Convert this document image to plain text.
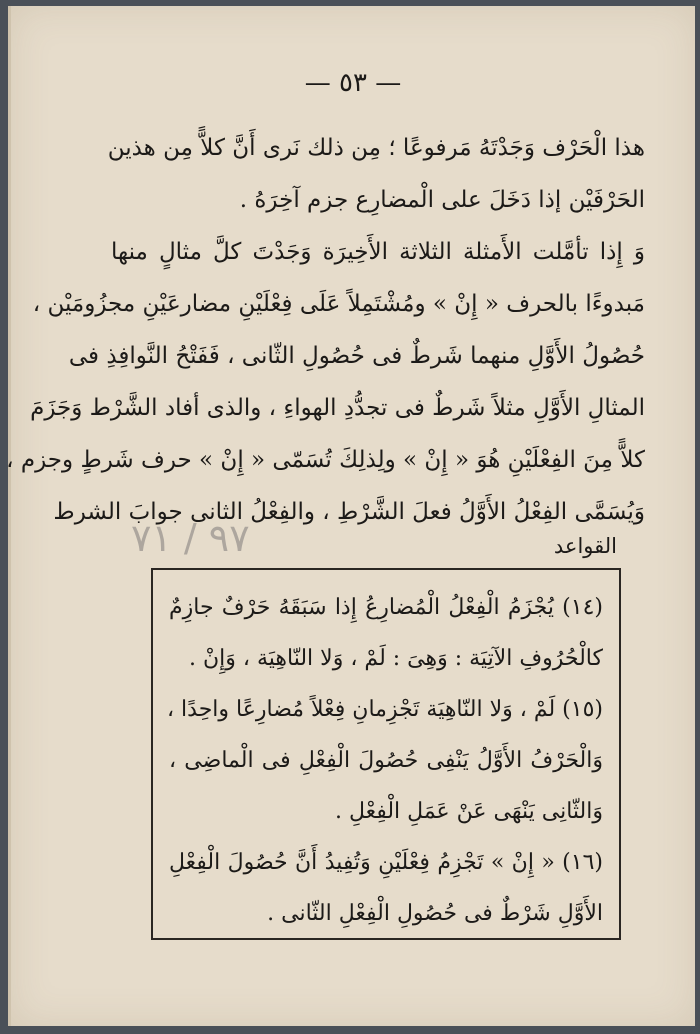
— ٥٣ —
هذا الْحَرْف وَجَدْتَهُ مَرفوعًا ؛ مِن ذلك نَرى أَنَّ كلاًّ مِن هذين
الحَرْفَيْن إذا دَخَلَ على الْمضارِع جزم آخِرَهُ .
وَ إِذا تأمَّلت الأَمثلة الثلاثة الأَخِيرَة وَجَدْتَ كلَّ مثالٍ منها
مَبدوءًا بالحرف « إِنْ » ومُشْتَمِلاً عَلَى فِعْلَيْنِ مضارعَيْنِ مجزُومَيْن ،
حُصُولُ الأَوَّلِ منهما شَرطٌ فى حُصُولِ الثّانى ، فَفَتْحُ النَّوافِذِ فى
المثالِ الأَوَّلِ مثلاً شَرطٌ فى تجدُّدِ الهواءِ ، والذى أفاد الشَّرْط وَجَزَمَ
كلاًّ مِنَ الفِعْلَيْنِ هُوَ « إِنْ » ولِذلِكَ تُسَمّى « إِنْ » حرف شَرطٍ وجزم ،
وَيُسَمَّى الفِعْلُ الأَوَّلُ فعلَ الشَّرْطِ ، والفِعْلُ الثانى جوابَ الشرط
٩٧ / ٧١	القواعد
(١٤) يُجْزَمُ الْفِعْلُ الْمُضارِعُ إِذا سَبَقَهُ حَرْفٌ جازِمٌ
كالْحُرُوفِ الآتِيَة : وَهِىَ : لَمْ ، وَلا النّاهِيَة ، وَإِنْ .
(١٥) لَمْ ، وَلا النّاهِيَة تَجْزِمانِ فِعْلاً مُضارِعًا واحِدًا ،
وَالْحَرْفُ الأَوَّلُ يَنْفِى حُصُولَ الْفِعْلِ فى الْماضِى ،
وَالثّانِى يَنْهَى عَنْ عَمَلِ الْفِعْلِ .
(١٦) « إِنْ » تَجْزِمُ فِعْلَيْنِ وَتُفِيدُ أَنَّ حُصُولَ الْفِعْلِ
الأَوَّلِ شَرْطٌ فى حُصُولِ الْفِعْلِ الثّانى .
